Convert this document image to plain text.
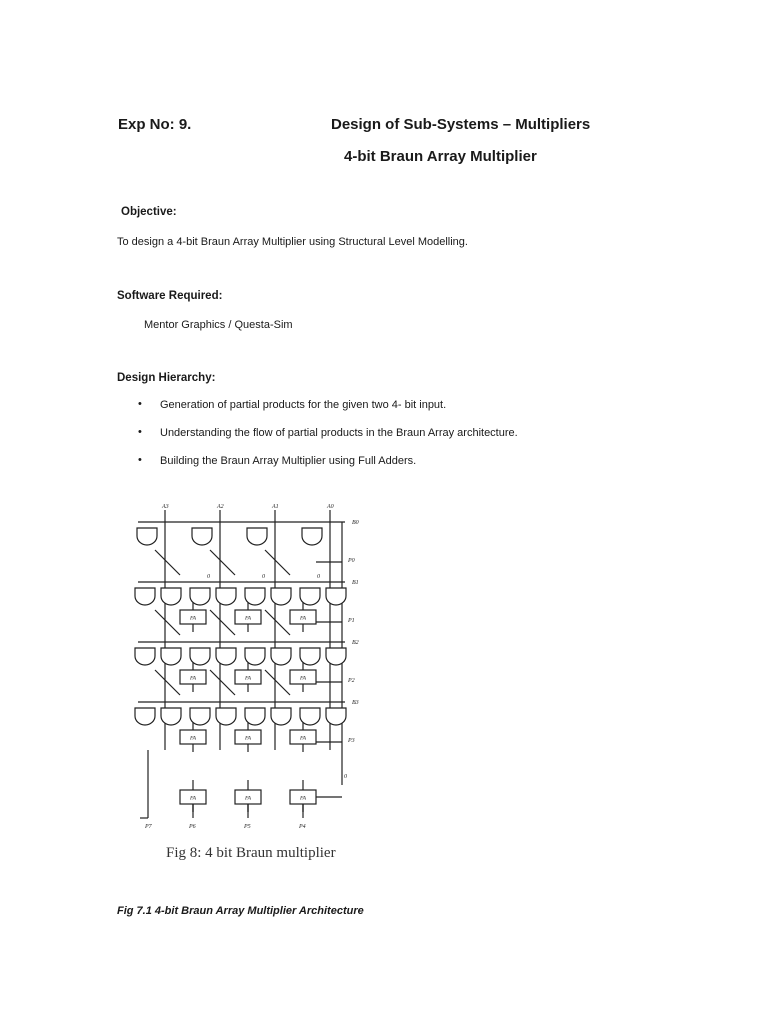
Exp No: 9.	Design of Sub-Systems – Multipliers
4-bit Braun Array Multiplier
Objective:
To design a 4-bit Braun Array Multiplier using Structural Level Modelling.
Software Required:
Mentor Graphics / Questa-Sim
Design Hierarchy:
• Generation of partial products for the given two 4- bit input.
• Understanding the flow of partial products in the Braun Array architecture.
• Building the Braun Array Multiplier using Full Adders.
B0
B1
B2
B3
A3	A2	A1	A0
FA	FA	FA
FA	FA	FA
FA	FA	FA
FA	FA	FA
0	0	0
0
P0
P1
P2
P3
P7	P6	P5	P4
Fig 8: 4 bit Braun multiplier
Fig 7.1 4-bit Braun Array Multiplier Architecture
